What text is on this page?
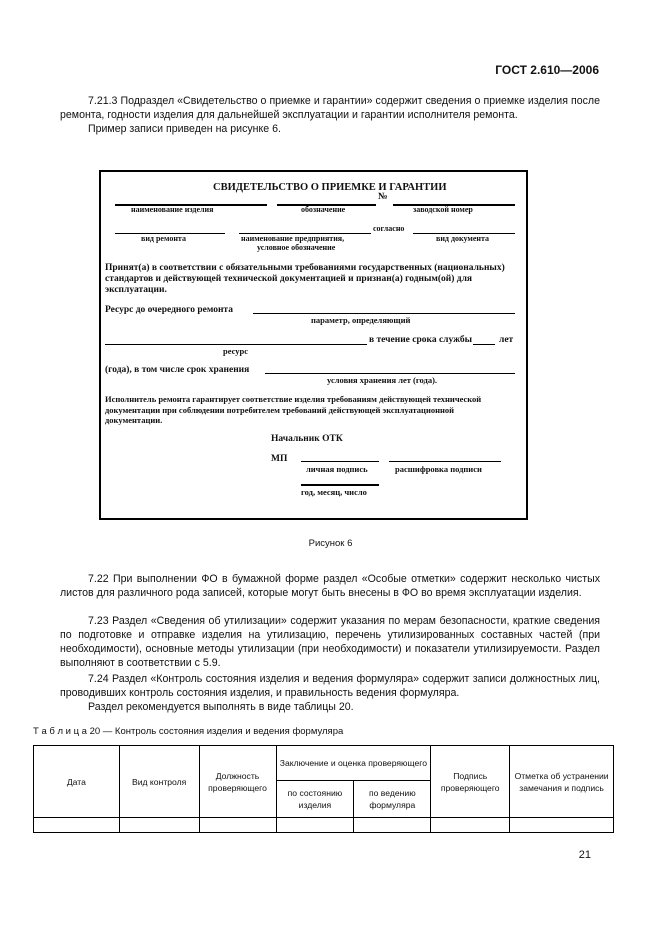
ГОСТ 2.610—2006
7.21.3 Подраздел «Свидетельство о приемке и гарантии» содержит сведения о приемке изделия после ремонта, годности изделия для дальнейшей эксплуатации и гарантии исполнителя ремонта.
Пример записи приведен на рисунке 6.
СВИДЕТЕЛЬСТВО О ПРИЕМКЕ И ГАРАНТИИ
№
наименование изделия	обозначение	заводской номер
согласно
вид ремонта	наименование предприятия,
условное обозначение
вид документа
Принят(а) в соответствии с обязательными требованиями государственных (национальных) стандартов и действующей технической документацией и признан(а) годным(ой) для эксплуатации.
Ресурс до очередного ремонта
параметр, определяющий
в течение срока службы	лет
ресурс
(года), в том числе срок хранения
условия хранения лет (года).
Исполнитель ремонта гарантирует соответствие изделия требованиям действующей технической документации при соблюдении потребителем требований действующей эксплуатационной документации.
Начальник ОТК
МП
личная подпись	расшифровка подписи
год, месяц, число
Рисунок 6
7.22 При выполнении ФО в бумажной форме раздел «Особые отметки» содержит несколько чистых листов для различного рода записей, которые могут быть внесены в ФО во время эксплуатации изделия.
7.23 Раздел «Сведения об утилизации» содержит указания по мерам безопасности, краткие сведения по подготовке и отправке изделия на утилизацию, перечень утилизированных составных частей (при необходимости), основные методы утилизации (при необходимости) и показатели утилизируемости. Раздел выполняют в соответствии с 5.9.
7.24 Раздел «Контроль состояния изделия и ведения формуляра» содержит записи должностных лиц, проводивших контроль состояния изделия, и правильность ведения формуляра.
Раздел рекомендуется выполнять в виде таблицы 20.
Т а б л и ц а 20 — Контроль состояния изделия и ведения формуляра
Дата	Вид контроля	Должность проверяющего	Заключение и оценка проверяющего		Подпись проверяющего	Отметка об устранении замечания и подпись
			по состоянию изделия	по ведению формуляра		

21
